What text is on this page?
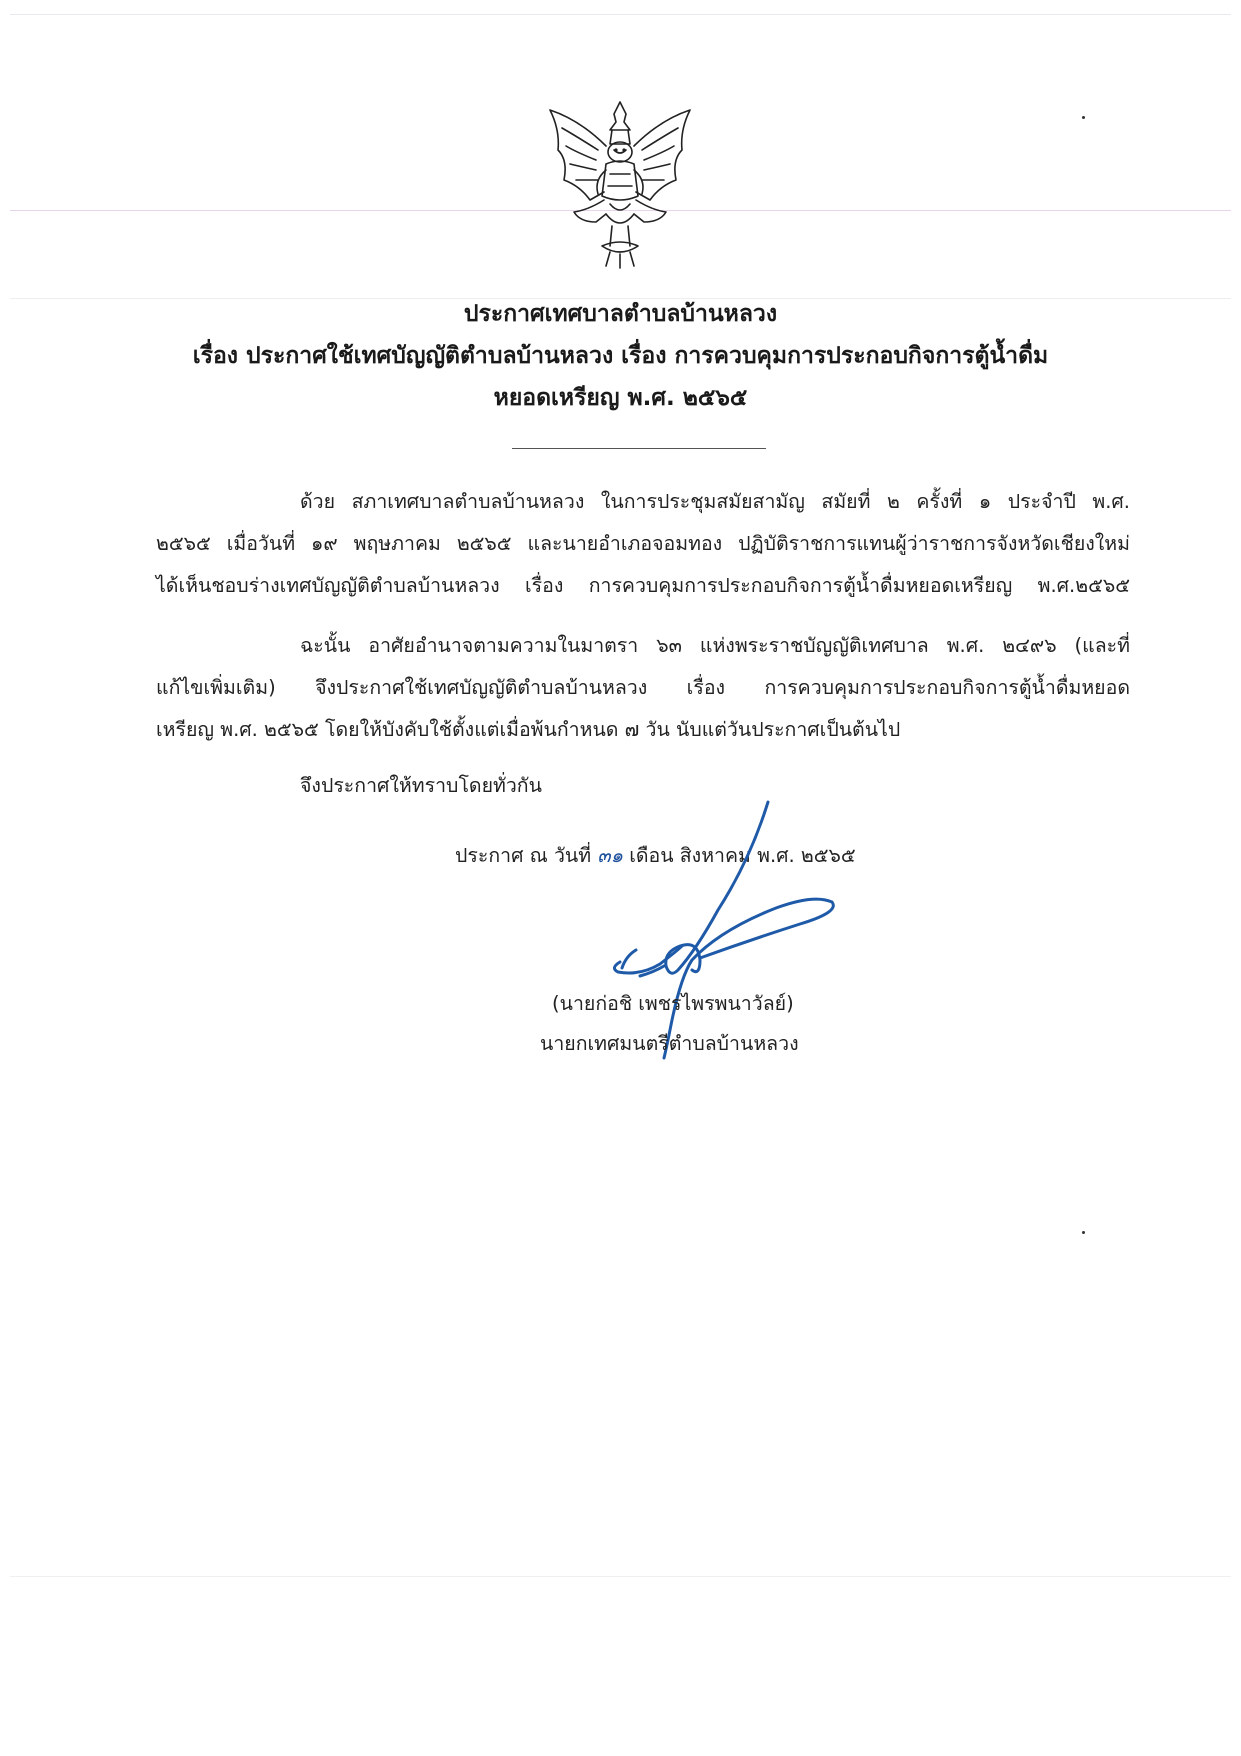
ประกาศเทศบาลตำบลบ้านหลวง
เรื่อง ประกาศใช้เทศบัญญัติตำบลบ้านหลวง เรื่อง การควบคุมการประกอบกิจการตู้น้ำดื่ม
หยอดเหรียญ พ.ศ. ๒๕๖๕
ด้วย สภาเทศบาลตำบลบ้านหลวง ในการประชุมสมัยสามัญ สมัยที่ ๒ ครั้งที่ ๑ ประจำปี พ.ศ.
๒๕๖๕ เมื่อวันที่ ๑๙ พฤษภาคม ๒๕๖๕ และนายอำเภอจอมทอง ปฏิบัติราชการแทนผู้ว่าราชการจังหวัดเชียงใหม่
ได้เห็นชอบร่างเทศบัญญัติตำบลบ้านหลวง เรื่อง การควบคุมการประกอบกิจการตู้น้ำดื่มหยอดเหรียญ พ.ศ.๒๕๖๕
ฉะนั้น อาศัยอำนาจตามความในมาตรา ๖๓ แห่งพระราชบัญญัติเทศบาล พ.ศ. ๒๔๙๖ (และที่
แก้ไขเพิ่มเติม) จึงประกาศใช้เทศบัญญัติตำบลบ้านหลวง เรื่อง การควบคุมการประกอบกิจการตู้น้ำดื่มหยอด
เหรียญ พ.ศ. ๒๕๖๕ โดยให้บังคับใช้ตั้งแต่เมื่อพ้นกำหนด ๗ วัน นับแต่วันประกาศเป็นต้นไป
จึงประกาศให้ทราบโดยทั่วกัน
ประกาศ ณ วันที่ ๓๑ เดือน สิงหาคม พ.ศ. ๒๕๖๕
(นายก่อชิ เพชรไพรพนาวัลย์)
นายกเทศมนตรีตำบลบ้านหลวง
